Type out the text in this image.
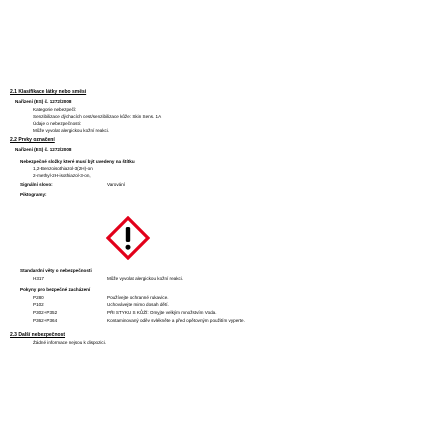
2.1 Klasifikace látky nebo směsi
Nařízení (ES) č. 1272/2008
Kategorie nebezpečí:
Senzibilizace dýchacích cest/senzibilizace kůže: Skin Sens. 1A
Údaje o nebezpečnosti:
Může vyvolat alergickou kožní reakci.
2.2 Prvky označení
Nařízení (ES) č. 1272/2008
Nebezpečné složky které musí být uvedeny na štítku
1,2-Benzoisothiazol-3(2H)-on
2-methyl-2H-isothiazol-3-on,
Signální slovo:	Varování
Piktogramy:
Standardní věty o nebezpečnosti
H317	Může vyvolat alergickou kožní reakci.
Pokyny pro bezpečné zacházení
P280	Používejte ochranné rukavice.
P102	Uchovávejte mimo dosah dětí.
P302+P352	PŘI STYKU S KŮŽÍ: Omyjte velkým množstvím Voda.
P362+P364	Kontaminovaný oděv svlékněte a před opětovným použitím vyperte.
2.3 Další nebezpečnost
Žádné informace nejsou k dispozici.
